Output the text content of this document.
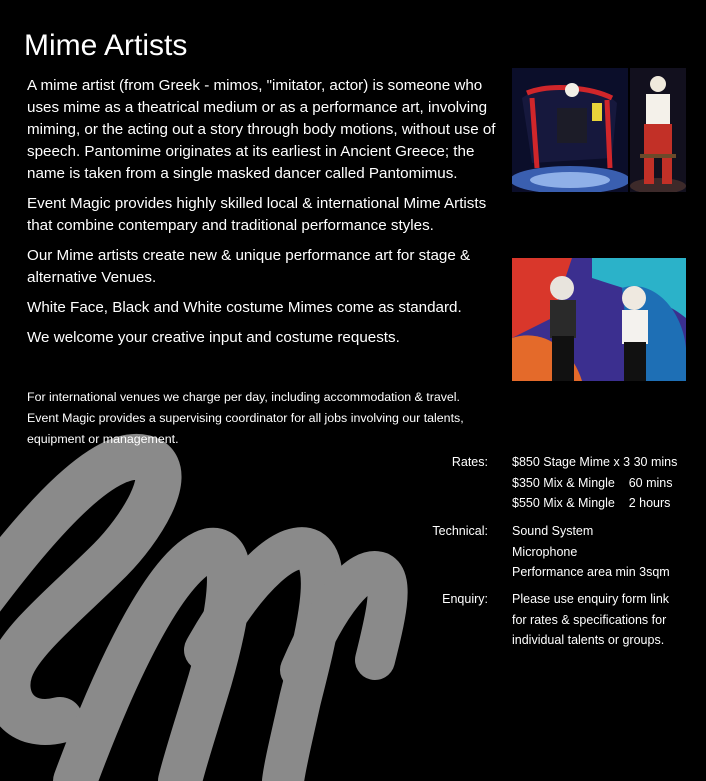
Mime Artists

A mime artist (from Greek - mimos, "imitator, actor) is someone who uses mime as a theatrical medium or as a performance art, involving miming, or the acting out a story through body motions, without use of speech. Pantomime originates at its earliest in Ancient Greece; the name is taken from a single masked dancer called Pantomimus.

Event Magic provides highly skilled local & international Mime Artists that combine contempary and traditional performance styles.

Our Mime artists create new & unique performance art for stage & alternative Venues.

White Face, Black and White costume Mimes come as standard.

We welcome your creative input and costume requests.

For international venues we charge per day, including accommodation & travel.
Event Magic provides a supervising coordinator for all jobs involving our talents,
equipment or management.
Rates: $850 Stage Mime x 3 30 mins
$350 Mix & Mingle    60 mins
$550 Mix & Mingle    2 hours
Technical: Sound System
Microphone
Performance area min 3sqm
Enquiry: Please use enquiry form link
for rates & specifications for
individual talents or groups.
